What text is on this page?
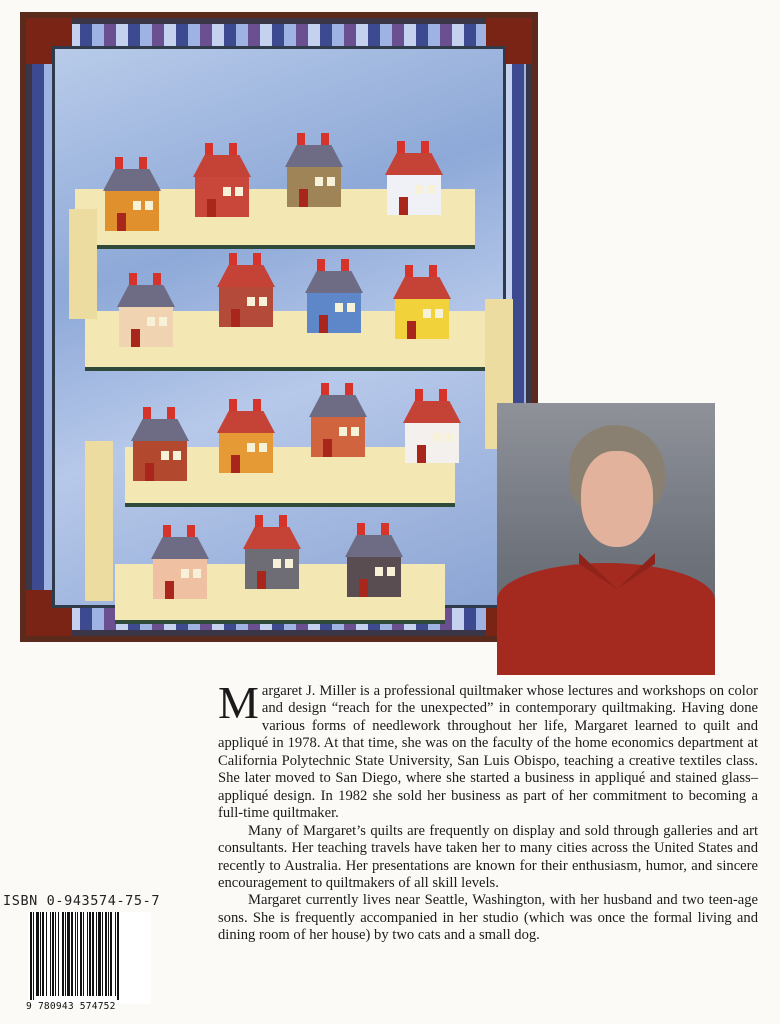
Margaret J. Miller is a professional quiltmaker whose lectures and workshops on color and design “reach for the unexpected” in contemporary quiltmaking. Having done various forms of needlework throughout her life, Margaret learned to quilt and appliqué in 1978. At that time, she was on the faculty of the home economics department at California Polytechnic State University, San Luis Obispo, teaching a creative textiles class. She later moved to San Diego, where she started a business in appliqué and stained glass–appliqué design. In 1982 she sold her business as part of her commitment to becoming a full-time quiltmaker.

Many of Margaret’s quilts are frequently on display and sold through galleries and art consultants. Her teaching travels have taken her to many cities across the United States and recently to Australia. Her presentations are known for their enthusiasm, humor, and sincere encouragement to quiltmakers of all skill levels.

Margaret currently lives near Seattle, Washington, with her husband and two teen-age sons. She is frequently accompanied in her studio (which was once the formal living and dining room of her house) by two cats and a small dog.

ISBN 0-943574-75-7
9 780943 574752
